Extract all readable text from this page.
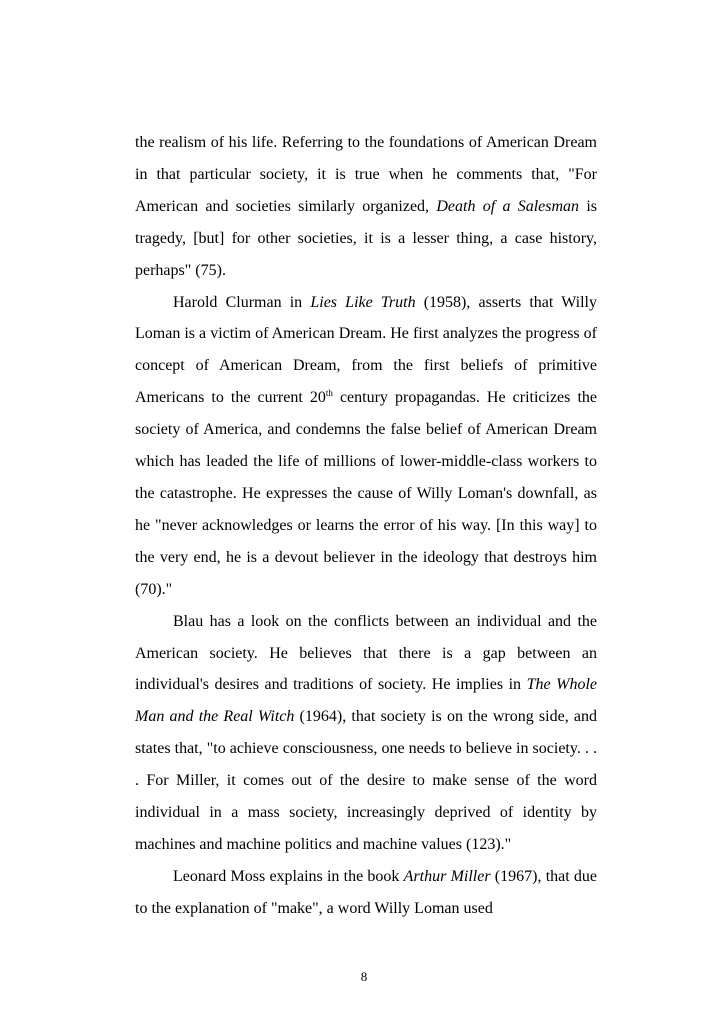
the realism of his life. Referring to the foundations of American Dream in that particular society, it is true when he comments that, "For American and societies similarly organized, Death of a Salesman is tragedy, [but] for other societies, it is a lesser thing, a case history, perhaps" (75).

Harold Clurman in Lies Like Truth (1958), asserts that Willy Loman is a victim of American Dream. He first analyzes the progress of concept of American Dream, from the first beliefs of primitive Americans to the current 20th century propagandas. He criticizes the society of America, and condemns the false belief of American Dream which has leaded the life of millions of lower-middle-class workers to the catastrophe. He expresses the cause of Willy Loman's downfall, as he "never acknowledges or learns the error of his way. [In this way] to the very end, he is a devout believer in the ideology that destroys him (70)."

Blau has a look on the conflicts between an individual and the American society. He believes that there is a gap between an individual's desires and traditions of society. He implies in The Whole Man and the Real Witch (1964), that society is on the wrong side, and states that, "to achieve consciousness, one needs to believe in society. . . . For Miller, it comes out of the desire to make sense of the word individual in a mass society, increasingly deprived of identity by machines and machine politics and machine values (123)."

Leonard Moss explains in the book Arthur Miller (1967), that due to the explanation of "make", a word Willy Loman used

8
